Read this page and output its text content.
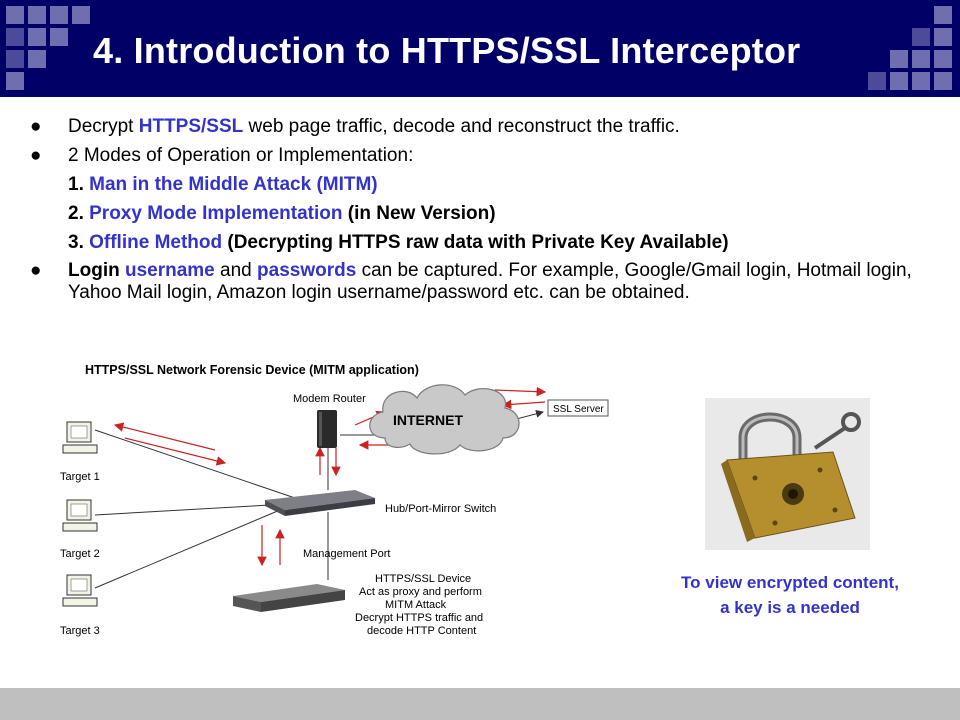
4. Introduction to HTTPS/SSL Interceptor
● Decrypt HTTPS/SSL web page traffic, decode and reconstruct the traffic.
● 2 Modes of Operation or Implementation:
1. Man in the Middle Attack (MITM)
2. Proxy Mode Implementation (in New Version)
3. Offline Method (Decrypting HTTPS raw data with Private Key Available)
● Login username and passwords can be captured. For example, Google/Gmail login, Hotmail login, Yahoo Mail login, Amazon login username/password etc. can be obtained.
HTTPS/SSL Network Forensic Device (MITM application)
Modem Router
INTERNET
SSL Server
Hub/Port-Mirror Switch
Management Port
HTTPS/SSL Device
Act as proxy and perform
MITM Attack
Decrypt HTTPS traffic and
decode HTTP Content
Target 1
Target 2
Target 3
To view encrypted content,
a key is a needed
